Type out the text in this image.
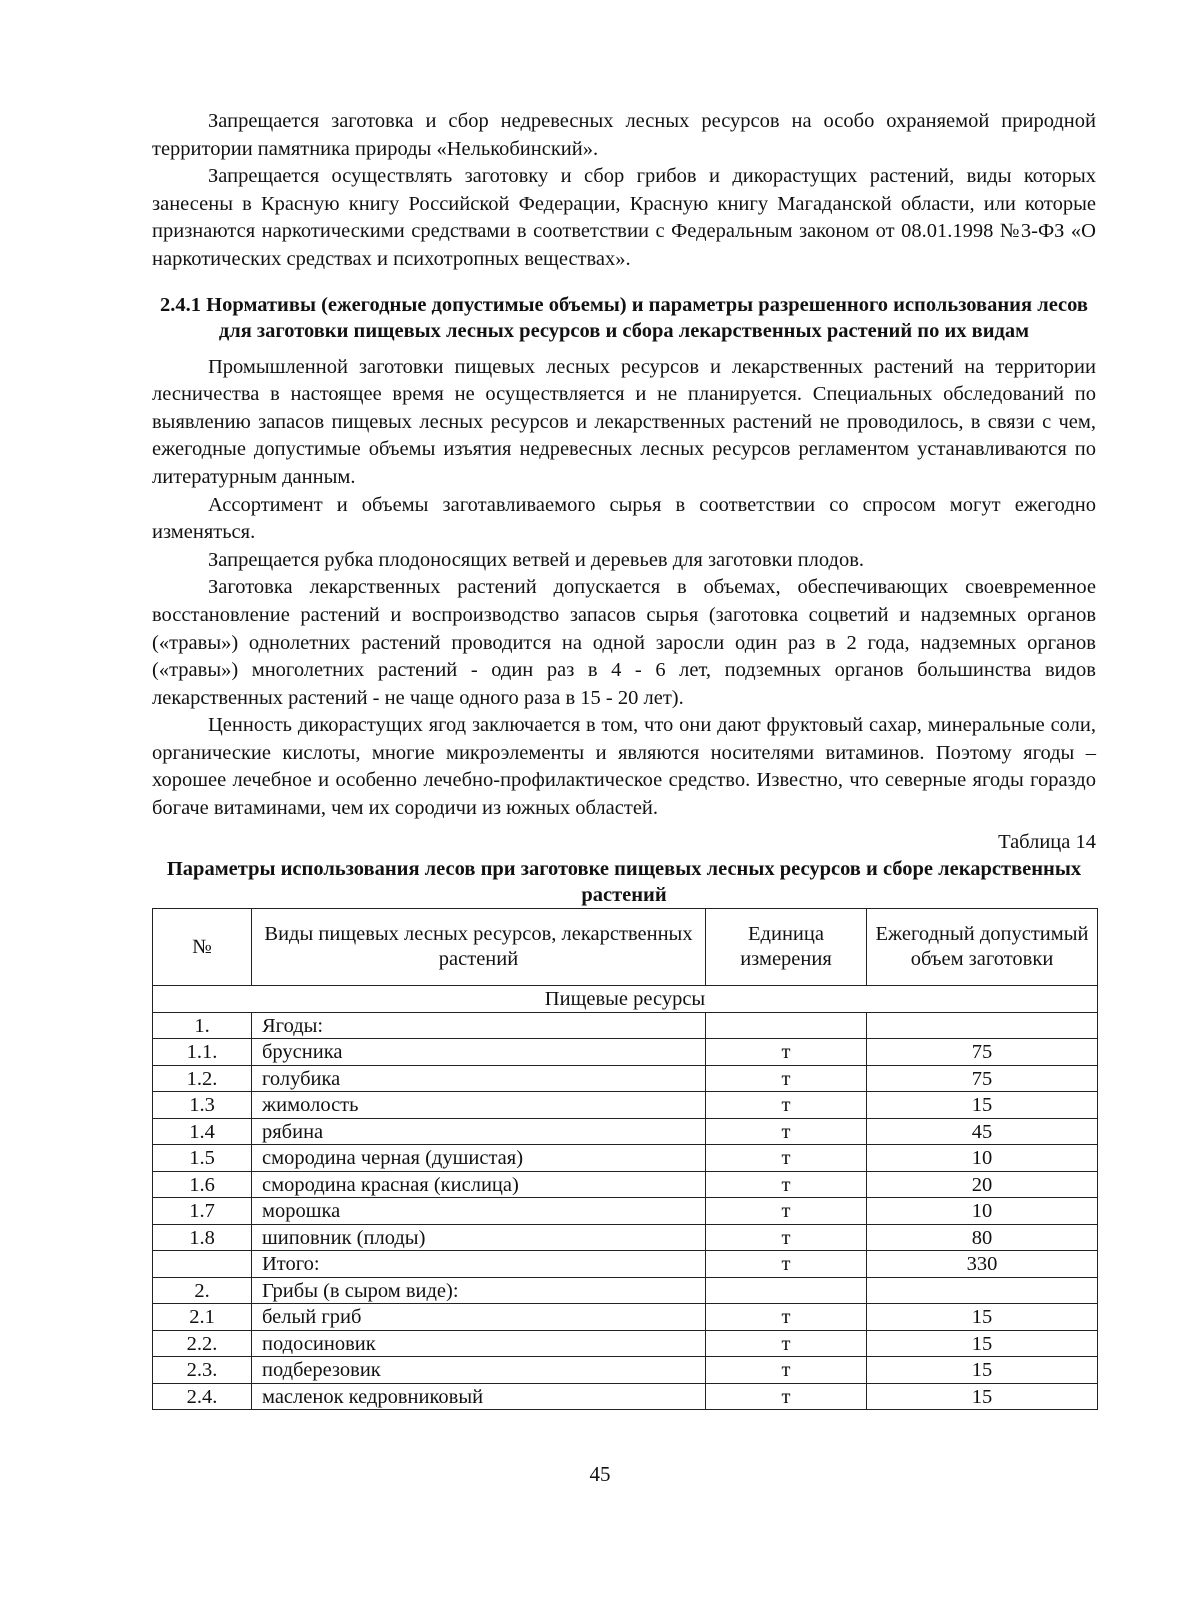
Запрещается заготовка и сбор недревесных лесных ресурсов на особо охраняемой природной территории памятника природы «Нелькобинский».

Запрещается осуществлять заготовку и сбор грибов и дикорастущих растений, виды которых занесены в Красную книгу Российской Федерации, Красную книгу Магаданской области, или которые признаются наркотическими средствами в соответствии с Федеральным законом от 08.01.1998 №3-ФЗ «О наркотических средствах и психотропных веществах».

2.4.1 Нормативы (ежегодные допустимые объемы) и параметры разрешенного использования лесов для заготовки пищевых лесных ресурсов и сбора лекарственных растений по их видам

Промышленной заготовки пищевых лесных ресурсов и лекарственных растений на территории лесничества в настоящее время не осуществляется и не планируется. Специальных обследований по выявлению запасов пищевых лесных ресурсов и лекарственных растений не проводилось, в связи с чем, ежегодные допустимые объемы изъятия недревесных лесных ресурсов регламентом устанавливаются по литературным данным.

Ассортимент и объемы заготавливаемого сырья в соответствии со спросом могут ежегодно изменяться.

Запрещается рубка плодоносящих ветвей и деревьев для заготовки плодов.

Заготовка лекарственных растений допускается в объемах, обеспечивающих своевременное восстановление растений и воспроизводство запасов сырья (заготовка соцветий и надземных органов («травы») однолетних растений проводится на одной заросли один раз в 2 года, надземных органов («травы») многолетних растений - один раз в 4 - 6 лет, подземных органов большинства видов лекарственных растений - не чаще одного раза в 15 - 20 лет).

Ценность дикорастущих ягод заключается в том, что они дают фруктовый сахар, минеральные соли, органические кислоты, многие микроэлементы и являются носителями витаминов. Поэтому ягоды – хорошее лечебное и особенно лечебно-профилактическое средство. Известно, что северные ягоды гораздо богаче витаминами, чем их сородичи из южных областей.

Таблица 14
Параметры использования лесов при заготовке пищевых лесных ресурсов и сборе лекарственных растений
№	Виды пищевых лесных ресурсов, лекарственных растений	Единица измерения	Ежегодный допустимый объем заготовки
Пищевые ресурсы			
1.	Ягоды:		
1.1.	брусника	т	75
1.2.	голубика	т	75
1.3	жимолость	т	15
1.4	рябина	т	45
1.5	смородина черная (душистая)	т	10
1.6	смородина красная (кислица)	т	20
1.7	морошка	т	10
1.8	шиповник (плоды)	т	80
	Итого:	т	330
2.	Грибы (в сыром виде):		
2.1	белый гриб	т	15
2.2.	подосиновик	т	15
2.3.	подберезовик	т	15
2.4.	масленок кедровниковый	т	15
45
